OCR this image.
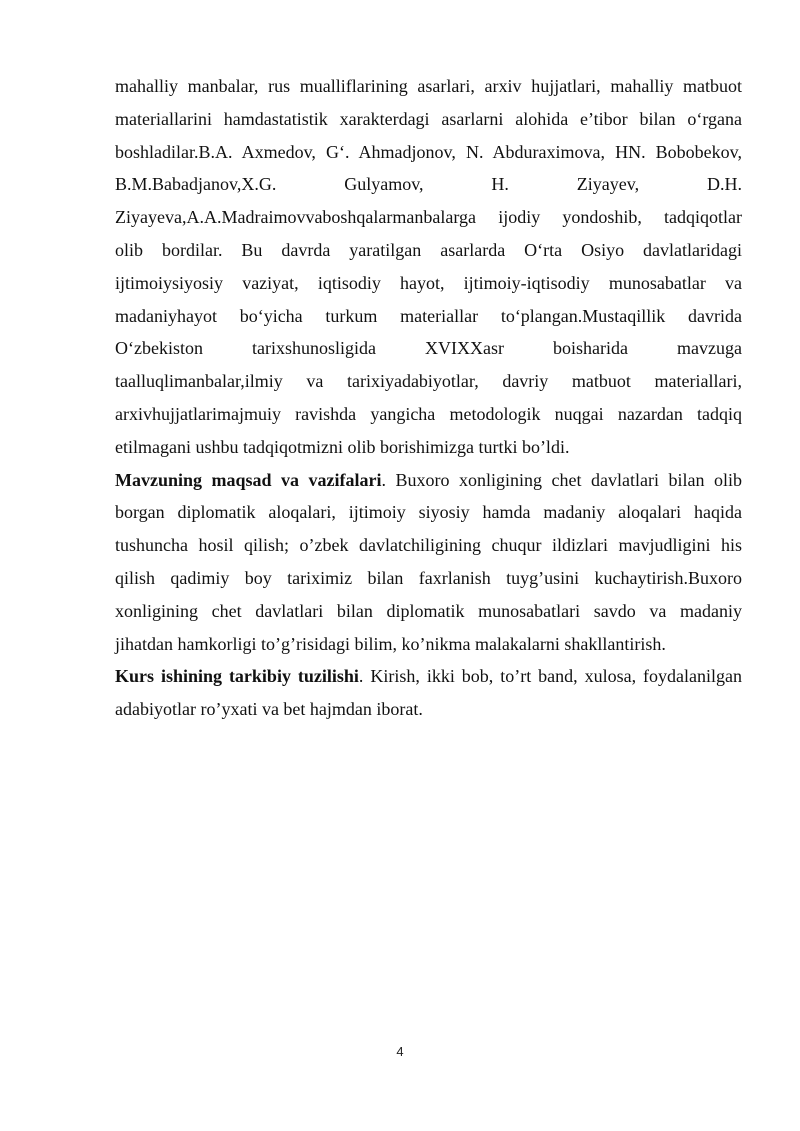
mahalliy manbalar, rus mualliflarining asarlari, arxiv hujjatlari, mahalliy matbuot
materiallarini hamdastatistik xarakterdagi asarlarni alohida e’tibor bilan o‘rgana
boshladilar.B.A. Axmedov, G‘. Ahmadjonov, N. Abduraximova, HN. Bobobekov,
B.M.Babadjanov,X.G. Gulyamov, H. Ziyayev, D.H.
Ziyayeva,A.A.Madraimovvaboshqalarmanbalarga ijodiy yondoshib, tadqiqotlar
olib bordilar. Bu davrda yaratilgan asarlarda O‘rta Osiyo davlatlaridagi
ijtimoiysiyosiy vaziyat, iqtisodiy hayot, ijtimoiy-iqtisodiy munosabatlar va
madaniyhayot bo‘yicha turkum materiallar to‘plangan.Mustaqillik davrida
O‘zbekiston tarixshunosligida XVIXXasr boisharida mavzuga
taalluqlimanbalar,ilmiy va tarixiyadabiyotlar, davriy matbuot materiallari,
arxivhujjatlarimajmuiy ravishda yangicha metodologik nuqgai nazardan tadqiq
etilmagani ushbu tadqiqotmizni olib borishimizga turtki bo’ldi.
Mavzuning maqsad va vazifalari. Buxoro xonligining chet davlatlari bilan olib
borgan diplomatik aloqalari, ijtimoiy siyosiy hamda madaniy aloqalari haqida
tushuncha hosil qilish; o’zbek davlatchiligining chuqur ildizlari mavjudligini his
qilish qadimiy boy tariximiz bilan faxrlanish tuyg’usini kuchaytirish.Buxoro
xonligining chet davlatlari bilan diplomatik munosabatlari savdo va madaniy
jihatdan hamkorligi to’g’risidagi bilim, ko’nikma malakalarni shakllantirish.
Kurs ishining tarkibiy tuzilishi. Kirish, ikki bob, to’rt band, xulosa, foydalanilgan
adabiyotlar ro’yxati va bet hajmdan iborat.
4
